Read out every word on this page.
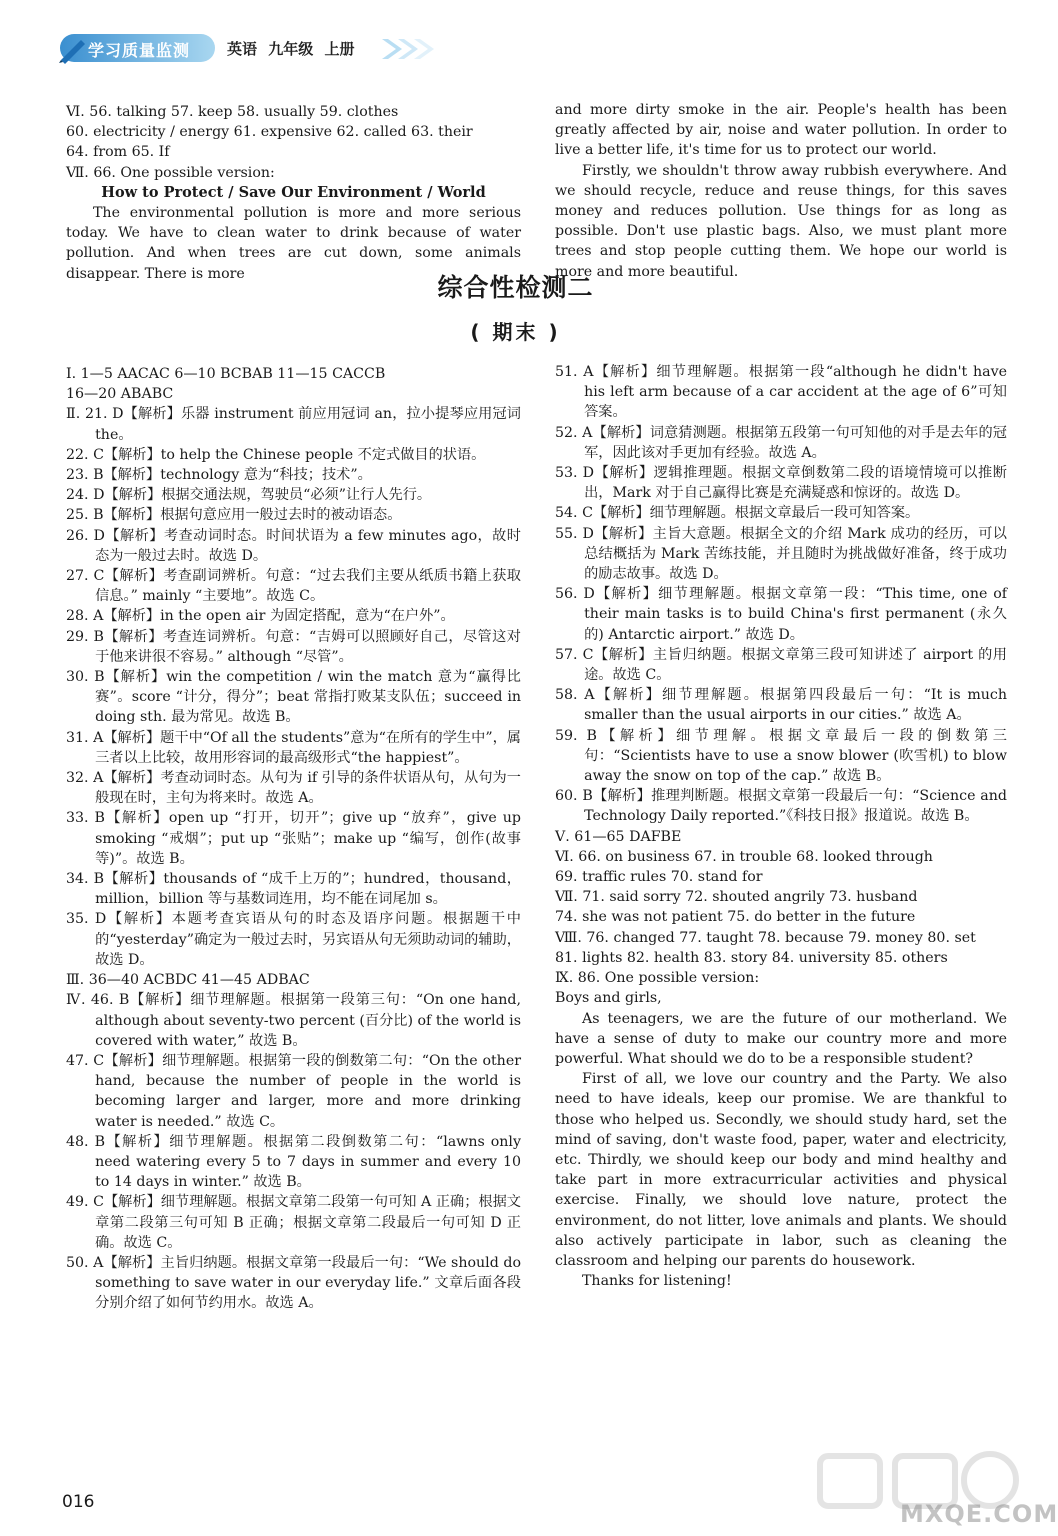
学习质量监测 英语 九年级 上册

Ⅵ. 56. talking 57. keep 58. usually 59. clothes

60. electricity / energy 61. expensive 62. called 63. their

64. from 65. If

Ⅶ. 66. One possible version:

How to Protect / Save Our Environment / World

The environmental pollution is more and more serious today. We have to clean water to drink because of water pollution. And when trees are cut down, some animals disappear. There is more

and more dirty smoke in the air. People's health has been greatly affected by air, noise and water pollution. In order to live a better life, it's time for us to protect our world.

Firstly, we shouldn't throw away rubbish everywhere. And we should recycle, reduce and reuse things, for this saves money and reduces pollution. Use things for as long as possible. Don't use plastic bags. Also, we must plant more trees and stop people cutting them. We hope our world is more and more beautiful.

综合性检测二
( 期末 )

Ⅰ. 1—5 AACAC 6—10 BCBAB 11—15 CACCB

16—20 ABABC

Ⅱ. 21. D【解析】乐器 instrument 前应用冠词 an，拉小提琴应用冠词 the。

22. C【解析】to help the Chinese people 不定式做目的状语。

23. B【解析】technology 意为“科技；技术”。

24. D【解析】根据交通法规，驾驶员“必须”让行人先行。

25. B【解析】根据句意应用一般过去时的被动语态。

26. D【解析】考查动词时态。时间状语为 a few minutes ago，故时态为一般过去时。故选 D。

27. C【解析】考查副词辨析。句意：“过去我们主要从纸质书籍上获取信息。” mainly “主要地”。故选 C。

28. A【解析】in the open air 为固定搭配，意为“在户外”。

29. B【解析】考查连词辨析。句意：“吉姆可以照顾好自己，尽管这对于他来讲很不容易。” although “尽管”。

30. B【解析】win the competition / win the match 意为“赢得比赛”。score “计分，得分”；beat 常指打败某支队伍；succeed in doing sth. 最为常见。故选 B。

31. A【解析】题干中“Of all the students”意为“在所有的学生中”，属三者以上比较，故用形容词的最高级形式“the happiest”。

32. A【解析】考查动词时态。从句为 if 引导的条件状语从句，从句为一般现在时，主句为将来时。故选 A。

33. B【解析】open up “打开，切开”；give up “放弃”，give up smoking “戒烟”；put up “张贴”；make up “编写，创作(故事等)”。故选 B。

34. B【解析】thousands of “成千上万的”；hundred，thousand，million，billion 等与基数词连用，均不能在词尾加 s。

35. D【解析】本题考查宾语从句的时态及语序问题。根据题干中的“yesterday”确定为一般过去时，另宾语从句无须助动词的辅助，故选 D。

Ⅲ. 36—40 ACBDC 41—45 ADBAC

Ⅳ. 46. B【解析】细节理解题。根据第一段第三句：“On one hand, although about seventy-two percent (百分比) of the world is covered with water,” 故选 B。

47. C【解析】细节理解题。根据第一段的倒数第二句：“On the other hand, because the number of people in the world is becoming larger and larger, more and more drinking water is needed.” 故选 C。

48. B【解析】细节理解题。根据第二段倒数第二句：“lawns only need watering every 5 to 7 days in summer and every 10 to 14 days in winter.” 故选 B。

49. C【解析】细节理解题。根据文章第二段第一句可知 A 正确；根据文章第二段第三句可知 B 正确；根据文章第二段最后一句可知 D 正确。故选 C。

50. A【解析】主旨归纳题。根据文章第一段最后一句：“We should do something to save water in our everyday life.” 文章后面各段分别介绍了如何节约用水。故选 A。

51. A【解析】细节理解题。根据第一段“although he didn't have his left arm because of a car accident at the age of 6”可知答案。

52. A【解析】词意猜测题。根据第五段第一句可知他的对手是去年的冠军，因此该对手更加有经验。故选 A。

53. D【解析】逻辑推理题。根据文章倒数第二段的语境情境可以推断出，Mark 对于自己赢得比赛是充满疑惑和惊讶的。故选 D。

54. C【解析】细节理解题。根据文章最后一段可知答案。

55. D【解析】主旨大意题。根据全文的介绍 Mark 成功的经历，可以总结概括为 Mark 苦练技能，并且随时为挑战做好准备，终于成功的励志故事。故选 D。

56. D【解析】细节理解题。根据文章第一段：“This time, one of their main tasks is to build China's first permanent (永久的) Antarctic airport.” 故选 D。

57. C【解析】主旨归纳题。根据文章第三段可知讲述了 airport 的用途。故选 C。

58. A【解析】细节理解题。根据第四段最后一句：“It is much smaller than the usual airports in our cities.” 故选 A。

59. B【解析】细节理解。根据文章最后一段的倒数第三句：“Scientists have to use a snow blower (吹雪机) to blow away the snow on top of the cap.” 故选 B。

60. B【解析】推理判断题。根据文章第一段最后一句：“Science and Technology Daily reported.”《科技日报》报道说。故选 B。

Ⅴ. 61—65 DAFBE

Ⅵ. 66. on business 67. in trouble 68. looked through

69. traffic rules 70. stand for

Ⅶ. 71. said sorry 72. shouted angrily 73. husband

74. she was not patient 75. do better in the future

Ⅷ. 76. changed 77. taught 78. because 79. money 80. set

81. lights 82. health 83. story 84. university 85. others

Ⅸ. 86. One possible version:

Boys and girls,

As teenagers, we are the future of our motherland. We have a sense of duty to make our country more and more powerful. What should we do to be a responsible student?

First of all, we love our country and the Party. We also need to have ideals, keep our promise. We are thankful to those who helped us. Secondly, we should study hard, set the mind of saving, don't waste food, paper, water and electricity, etc. Thirdly, we should keep our body and mind healthy and take part in more extracurricular activities and physical exercise. Finally, we should love nature, protect the environment, do not litter, love animals and plants. We should also actively participate in labor, such as cleaning the classroom and helping our parents do housework.

Thanks for listening!

016	MXQE.COM
